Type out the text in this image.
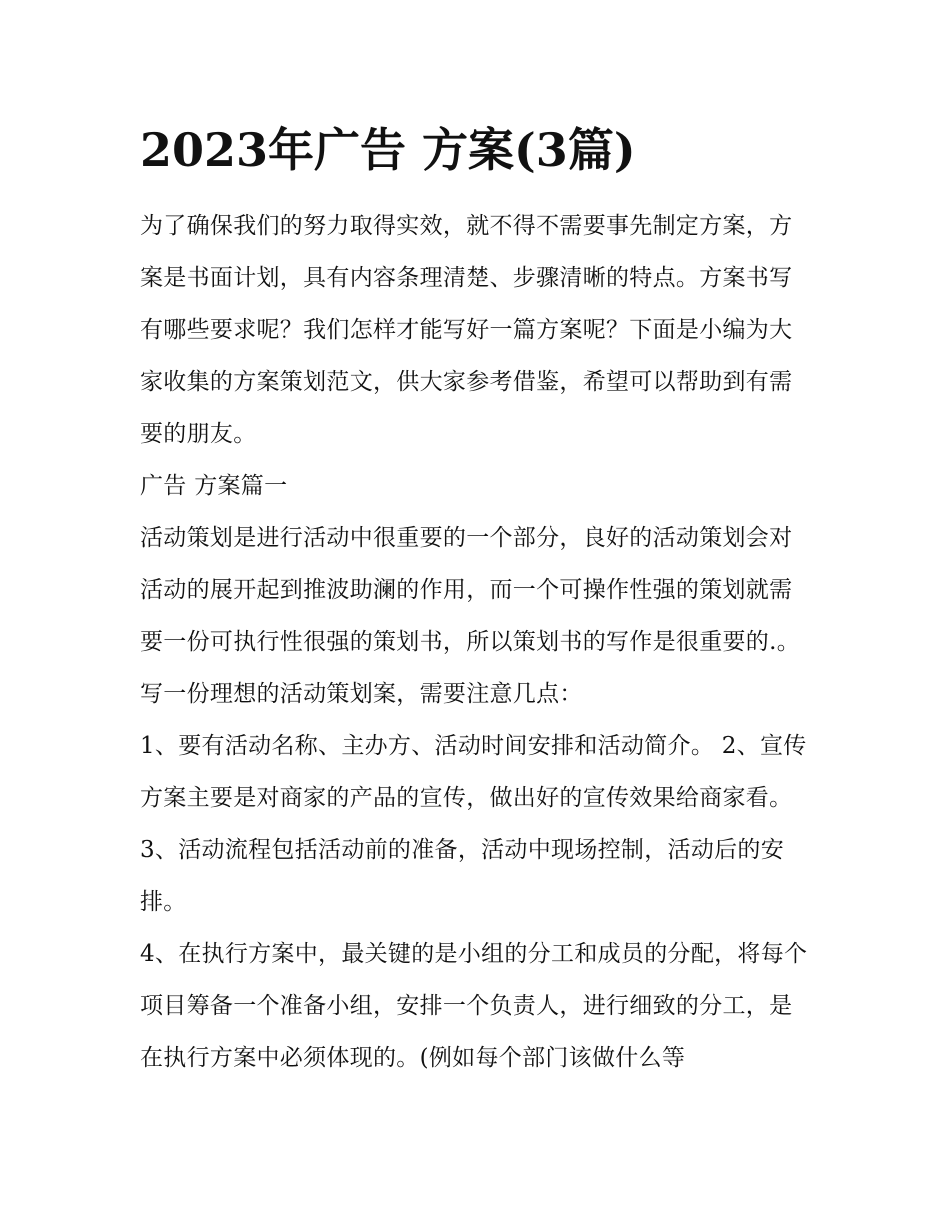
2023年广告 方案(3篇)

为了确保我们的努力取得实效，就不得不需要事先制定方案，方案是书面计划，具有内容条理清楚、步骤清晰的特点。方案书写有哪些要求呢？我们怎样才能写好一篇方案呢？下面是小编为大家收集的方案策划范文，供大家参考借鉴，希望可以帮助到有需要的朋友。

广告 方案篇一

活动策划是进行活动中很重要的一个部分，良好的活动策划会对活动的展开起到推波助澜的作用，而一个可操作性强的策划就需要一份可执行性很强的策划书，所以策划书的写作是很重要的.。写一份理想的活动策划案，需要注意几点：

1、要有活动名称、主办方、活动时间安排和活动简介。 2、宣传方案主要是对商家的产品的宣传，做出好的宣传效果给商家看。

3、活动流程包括活动前的准备，活动中现场控制，活动后的安排。

4、在执行方案中，最关键的是小组的分工和成员的分配，将每个项目筹备一个准备小组，安排一个负责人，进行细致的分工，是在执行方案中必须体现的。(例如每个部门该做什么等
